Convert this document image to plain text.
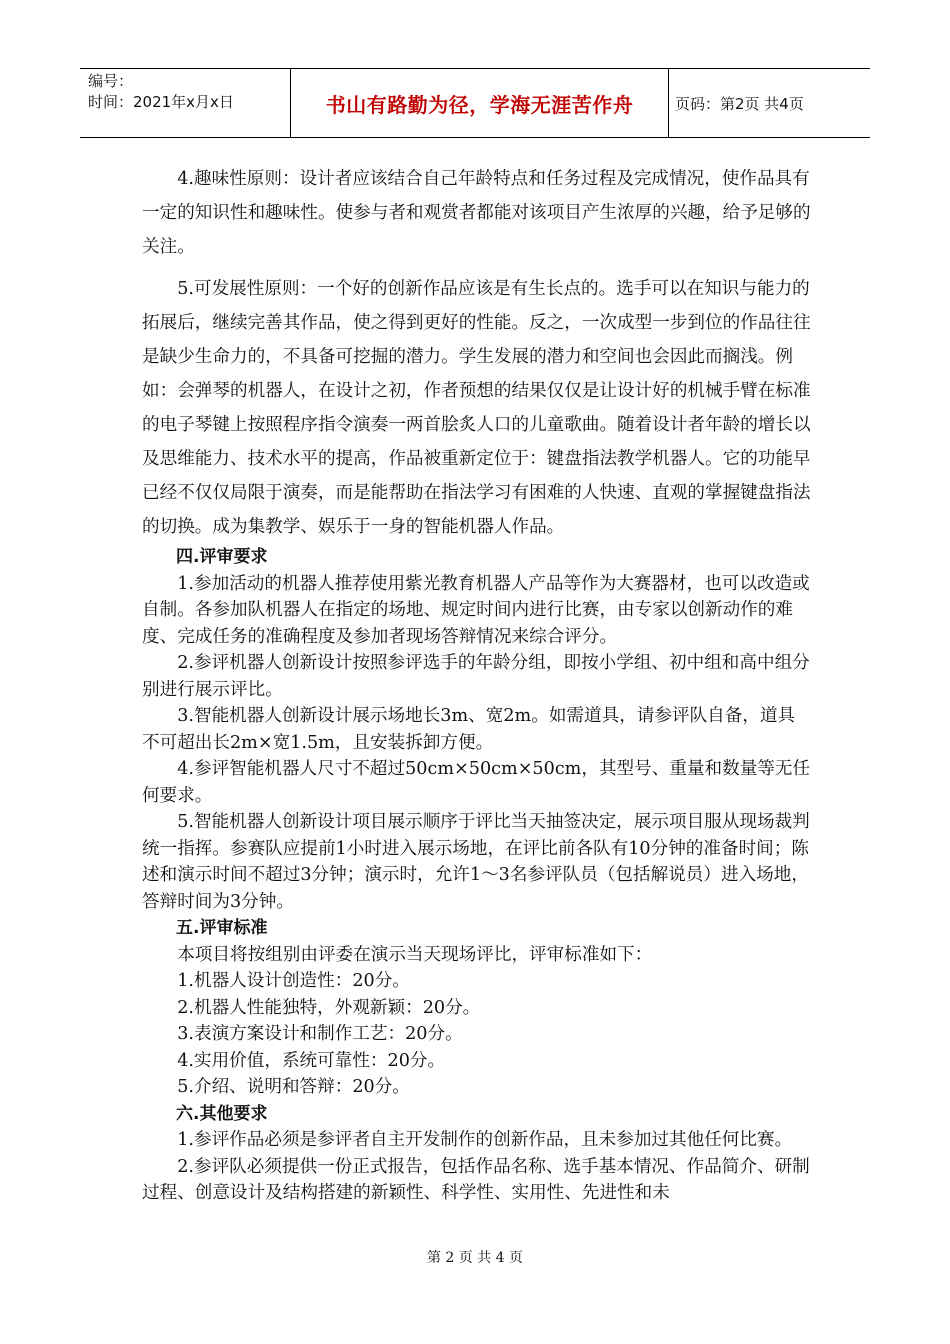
编号：
时间：2021年x月x日	书山有路勤为径，学海无涯苦作舟	页码：第2页 共4页

4.趣味性原则：设计者应该结合自己年龄特点和任务过程及完成情况，使作品具有一定的知识性和趣味性。使参与者和观赏者都能对该项目产生浓厚的兴趣，给予足够的关注。

5.可发展性原则：一个好的创新作品应该是有生长点的。选手可以在知识与能力的拓展后，继续完善其作品，使之得到更好的性能。反之，一次成型一步到位的作品往往是缺少生命力的，不具备可挖掘的潜力。学生发展的潜力和空间也会因此而搁浅。例如：会弹琴的机器人，在设计之初，作者预想的结果仅仅是让设计好的机械手臂在标准的电子琴键上按照程序指令演奏一两首脍炙人口的儿童歌曲。随着设计者年龄的增长以及思维能力、技术水平的提高，作品被重新定位于：键盘指法教学机器人。它的功能早已经不仅仅局限于演奏，而是能帮助在指法学习有困难的人快速、直观的掌握键盘指法的切换。成为集教学、娱乐于一身的智能机器人作品。

四.评审要求

1.参加活动的机器人推荐使用紫光教育机器人产品等作为大赛器材，也可以改造或自制。各参加队机器人在指定的场地、规定时间内进行比赛，由专家以创新动作的难度、完成任务的准确程度及参加者现场答辩情况来综合评分。

2.参评机器人创新设计按照参评选手的年龄分组，即按小学组、初中组和高中组分别进行展示评比。

3.智能机器人创新设计展示场地长3m、宽2m。如需道具，请参评队自备，道具不可超出长2m×宽1.5m，且安装拆卸方便。

4.参评智能机器人尺寸不超过50cm×50cm×50cm，其型号、重量和数量等无任何要求。

5.智能机器人创新设计项目展示顺序于评比当天抽签决定，展示项目服从现场裁判统一指挥。参赛队应提前1小时进入展示场地，在评比前各队有10分钟的准备时间；陈述和演示时间不超过3分钟；演示时，允许1～3名参评队员（包括解说员）进入场地，答辩时间为3分钟。

五.评审标准

本项目将按组别由评委在演示当天现场评比，评审标准如下：

1.机器人设计创造性：20分。

2.机器人性能独特，外观新颖：20分。

3.表演方案设计和制作工艺：20分。

4.实用价值，系统可靠性：20分。

5.介绍、说明和答辩：20分。

六.其他要求

1.参评作品必须是参评者自主开发制作的创新作品，且未参加过其他任何比赛。

2.参评队必须提供一份正式报告，包括作品名称、选手基本情况、作品简介、研制过程、创意设计及结构搭建的新颖性、科学性、实用性、先进性和未

第 2 页 共 4 页
